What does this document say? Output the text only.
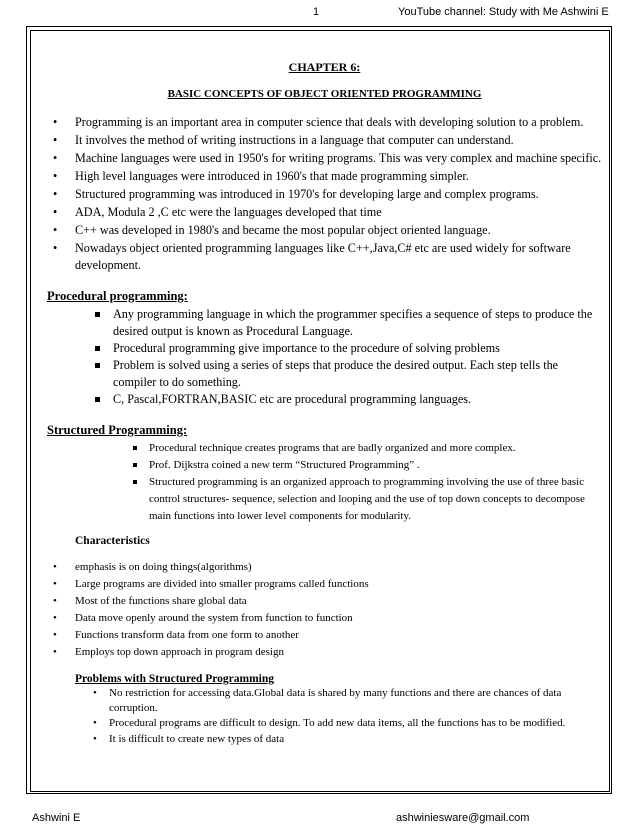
1	YouTube channel: Study with Me Ashwini E
CHAPTER 6:
BASIC CONCEPTS OF OBJECT ORIENTED PROGRAMMING
• Programming is an important area in computer science that deals with developing solution to a problem.
• It involves the method of writing instructions in a language that computer can understand.
• Machine languages were used in 1950's for writing programs. This was very complex and machine specific.
• High level languages were introduced in 1960's that made programming simpler.
• Structured programming was introduced in 1970's for developing large and complex programs.
• ADA, Modula 2 ,C etc were the languages developed that time
• C++ was developed in 1980's and became the most popular object oriented language.
• Nowadays object oriented programming languages like C++,Java,C# etc are used widely for software development.
Procedural programming:
Any programming language in which the programmer specifies a sequence of steps to produce the desired output is known as Procedural Language.
Procedural programming give importance to the procedure of solving problems
Problem is solved using a series of steps that produce the desired output. Each step tells the compiler to do something.
C, Pascal,FORTRAN,BASIC etc are procedural programming languages.
Structured Programming:
Procedural technique creates programs that are badly organized and more complex.
Prof. Dijkstra coined a new term “Structured Programming” .
Structured programming is an organized approach to programming involving the use of three basic control structures- sequence, selection and looping and the use of top down concepts to decompose main functions into lower level components for modularity.
Characteristics
• emphasis is on doing things(algorithms)
• Large programs are divided into smaller programs called functions
• Most of the functions share global data
• Data move openly around the system from function to function
• Functions transform data from one form to another
• Employs top down approach in program design
Problems with Structured Programming
• No restriction for accessing data.Global data is shared by many functions and there are chances of data corruption.
• Procedural programs are difficult to design. To add new data items, all the functions has to be modified.
• It is difficult to create new types of data
Ashwini E	ashwiniesware@gmail.com
